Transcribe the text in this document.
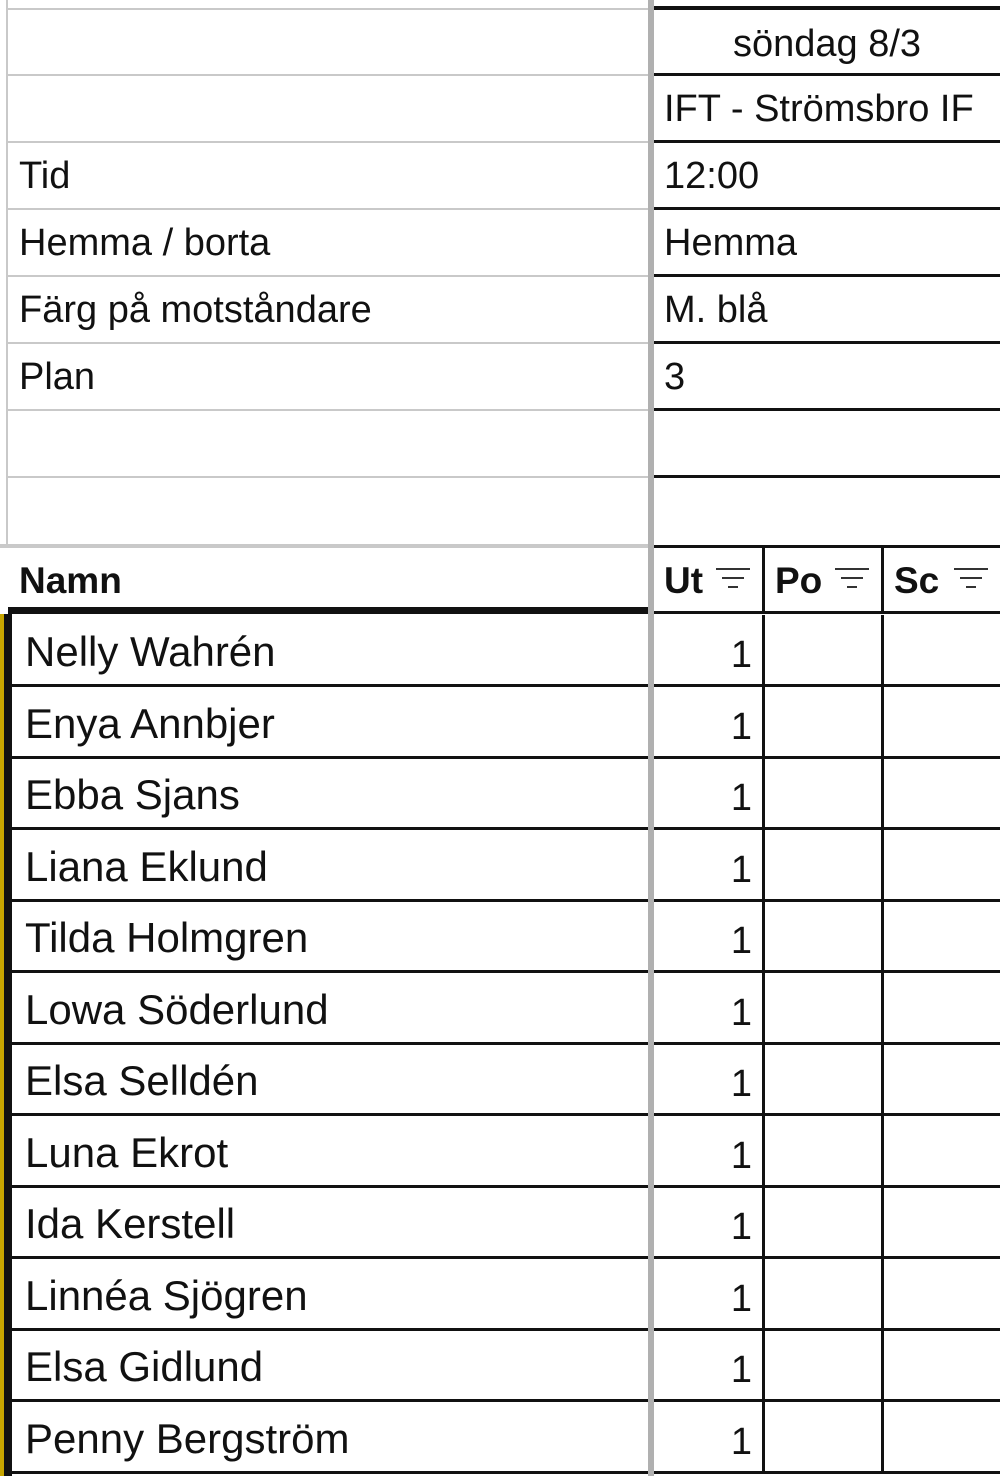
söndag 8/3
IFT - Strömsbro IF
Tid	12:00
Hemma / borta	Hemma
Färg på motståndare	M. blå
Plan	3
Namn	Ut	Po	Sc
Nelly Wahrén	1
Enya Annbjer	1
Ebba Sjans	1
Liana Eklund	1
Tilda Holmgren	1
Lowa Söderlund	1
Elsa Selldén	1
Luna Ekrot	1
Ida Kerstell	1
Linnéa Sjögren	1
Elsa Gidlund	1
Penny Bergström	1
